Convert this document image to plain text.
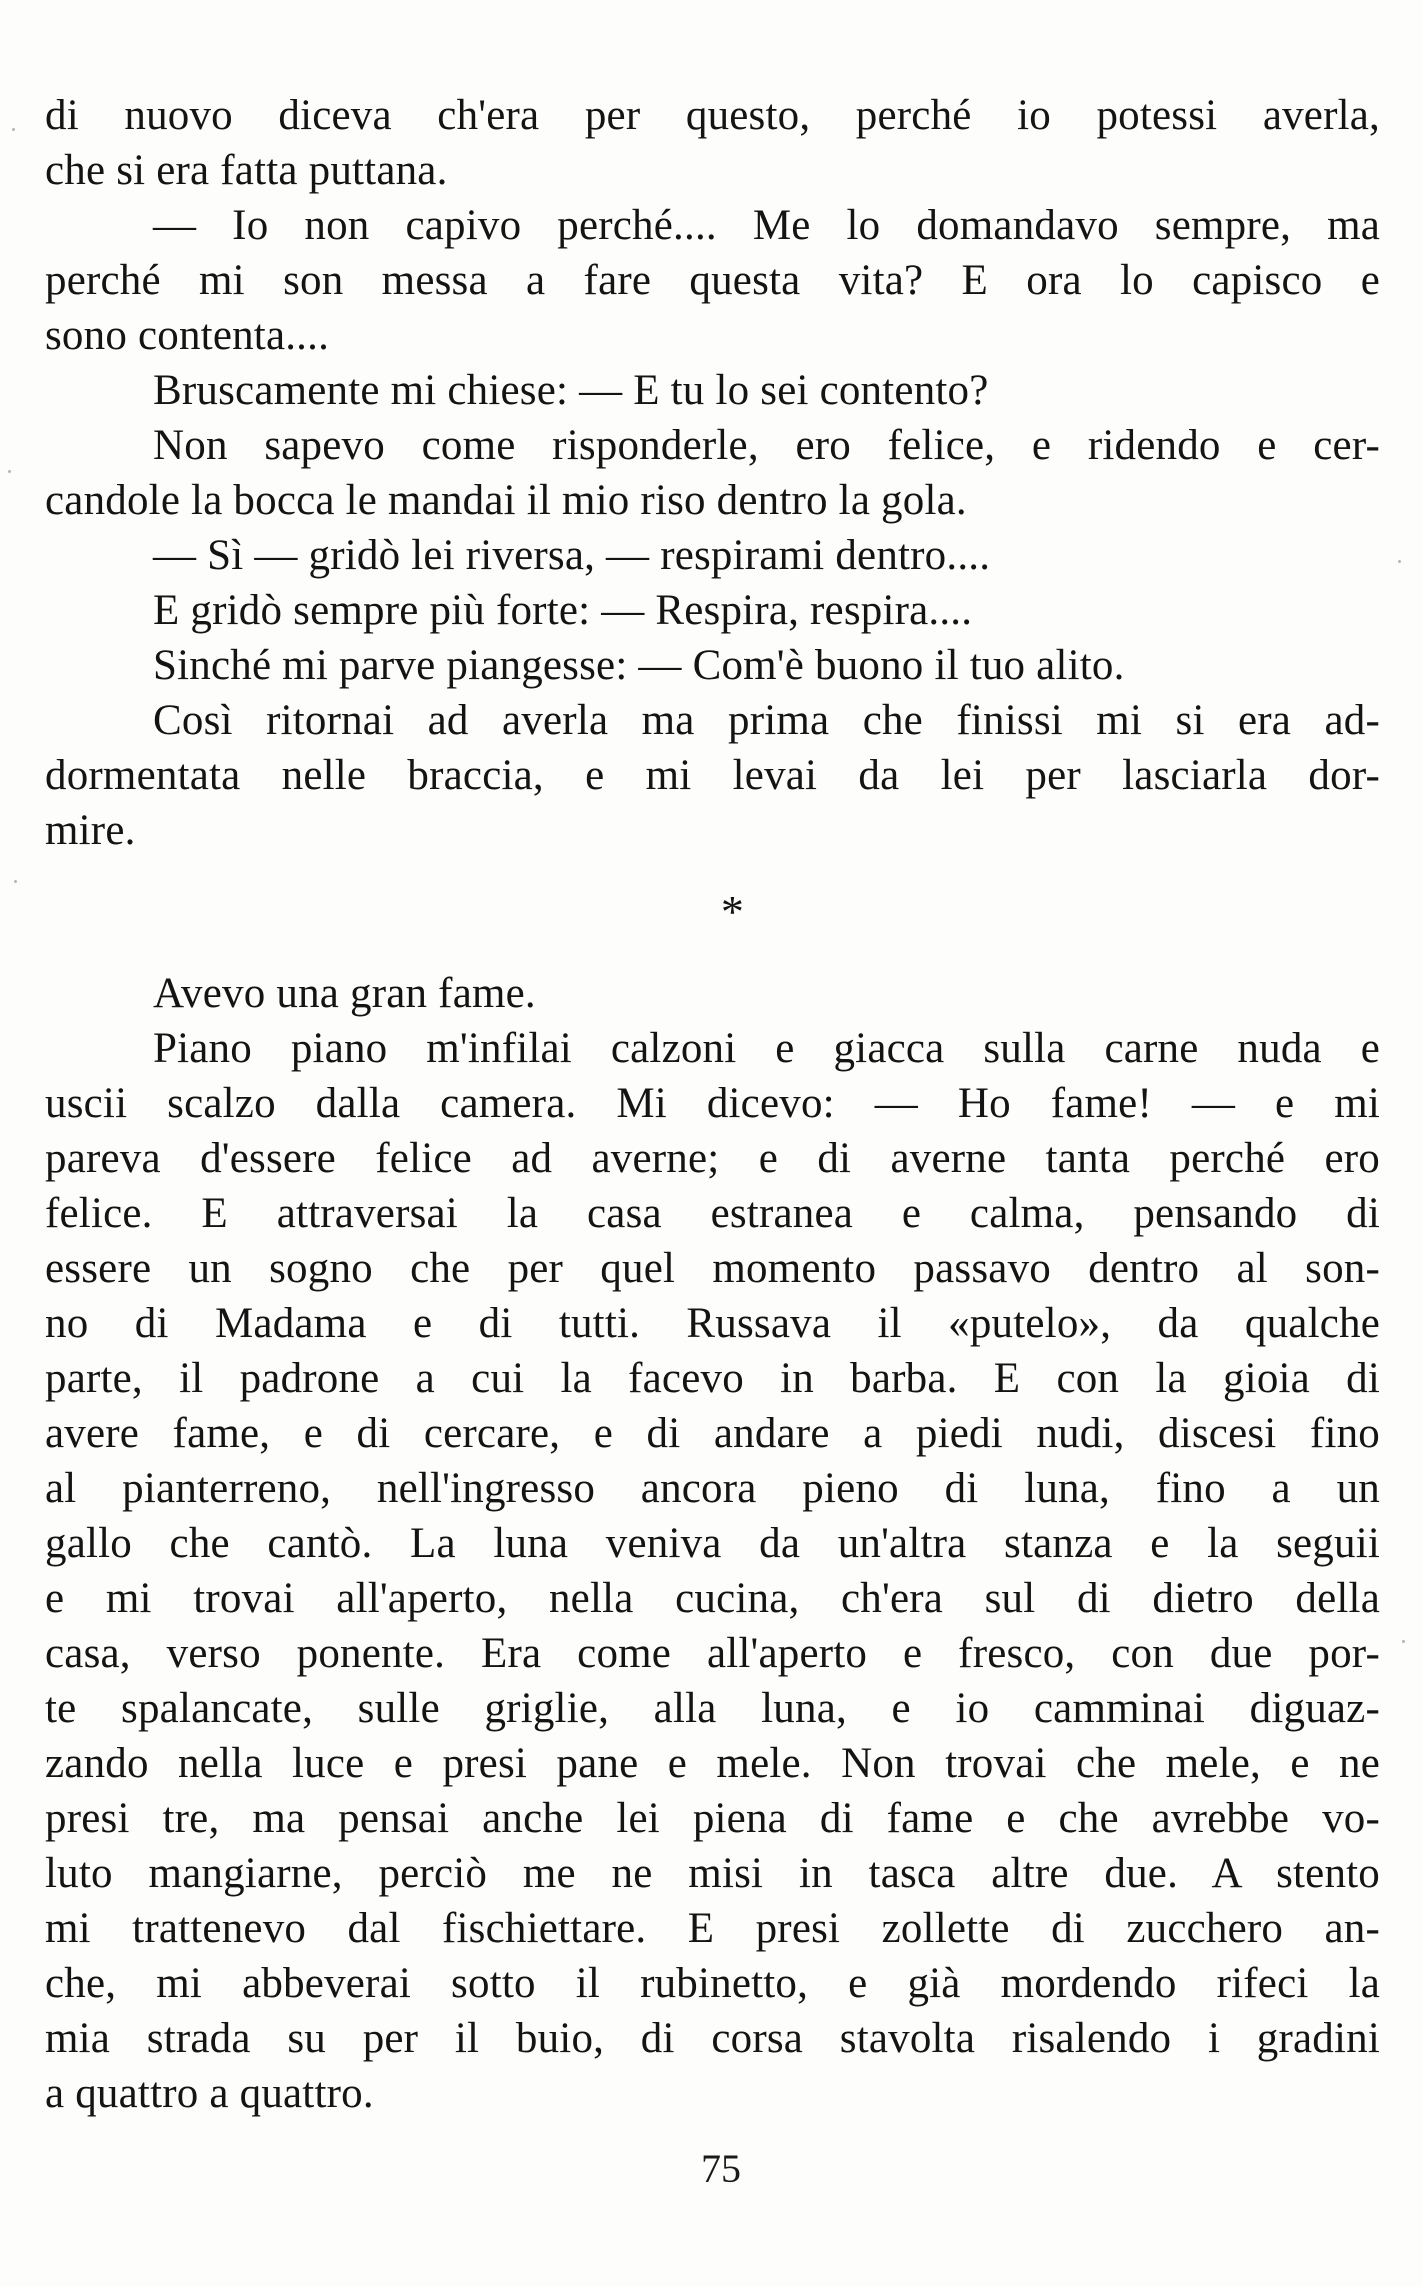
di nuovo diceva ch'era per questo, perché io potessi averla,
che si era fatta puttana.
— Io non capivo perché.... Me lo domandavo sempre, ma
perché mi son messa a fare questa vita? E ora lo capisco e
sono contenta....
Bruscamente mi chiese: — E tu lo sei contento?
Non sapevo come risponderle, ero felice, e ridendo e cer-
candole la bocca le mandai il mio riso dentro la gola.
— Sì — gridò lei riversa, — respirami dentro....
E gridò sempre più forte: — Respira, respira....
Sinché mi parve piangesse: — Com'è buono il tuo alito.
Così ritornai ad averla ma prima che finissi mi si era ad-
dormentata nelle braccia, e mi levai da lei per lasciarla dor-
mire.
*
Avevo una gran fame.
Piano piano m'infilai calzoni e giacca sulla carne nuda e
uscii scalzo dalla camera. Mi dicevo: — Ho fame! — e mi
pareva d'essere felice ad averne; e di averne tanta perché ero
felice. E attraversai la casa estranea e calma, pensando di
essere un sogno che per quel momento passavo dentro al son-
no di Madama e di tutti. Russava il «putelo», da qualche
parte, il padrone a cui la facevo in barba. E con la gioia di
avere fame, e di cercare, e di andare a piedi nudi, discesi fino
al pianterreno, nell'ingresso ancora pieno di luna, fino a un
gallo che cantò. La luna veniva da un'altra stanza e la seguii
e mi trovai all'aperto, nella cucina, ch'era sul di dietro della
casa, verso ponente. Era come all'aperto e fresco, con due por-
te spalancate, sulle griglie, alla luna, e io camminai diguaz-
zando nella luce e presi pane e mele. Non trovai che mele, e ne
presi tre, ma pensai anche lei piena di fame e che avrebbe vo-
luto mangiarne, perciò me ne misi in tasca altre due. A stento
mi trattenevo dal fischiettare. E presi zollette di zucchero an-
che, mi abbeverai sotto il rubinetto, e già mordendo rifeci la
mia strada su per il buio, di corsa stavolta risalendo i gradini
a quattro a quattro.
75
